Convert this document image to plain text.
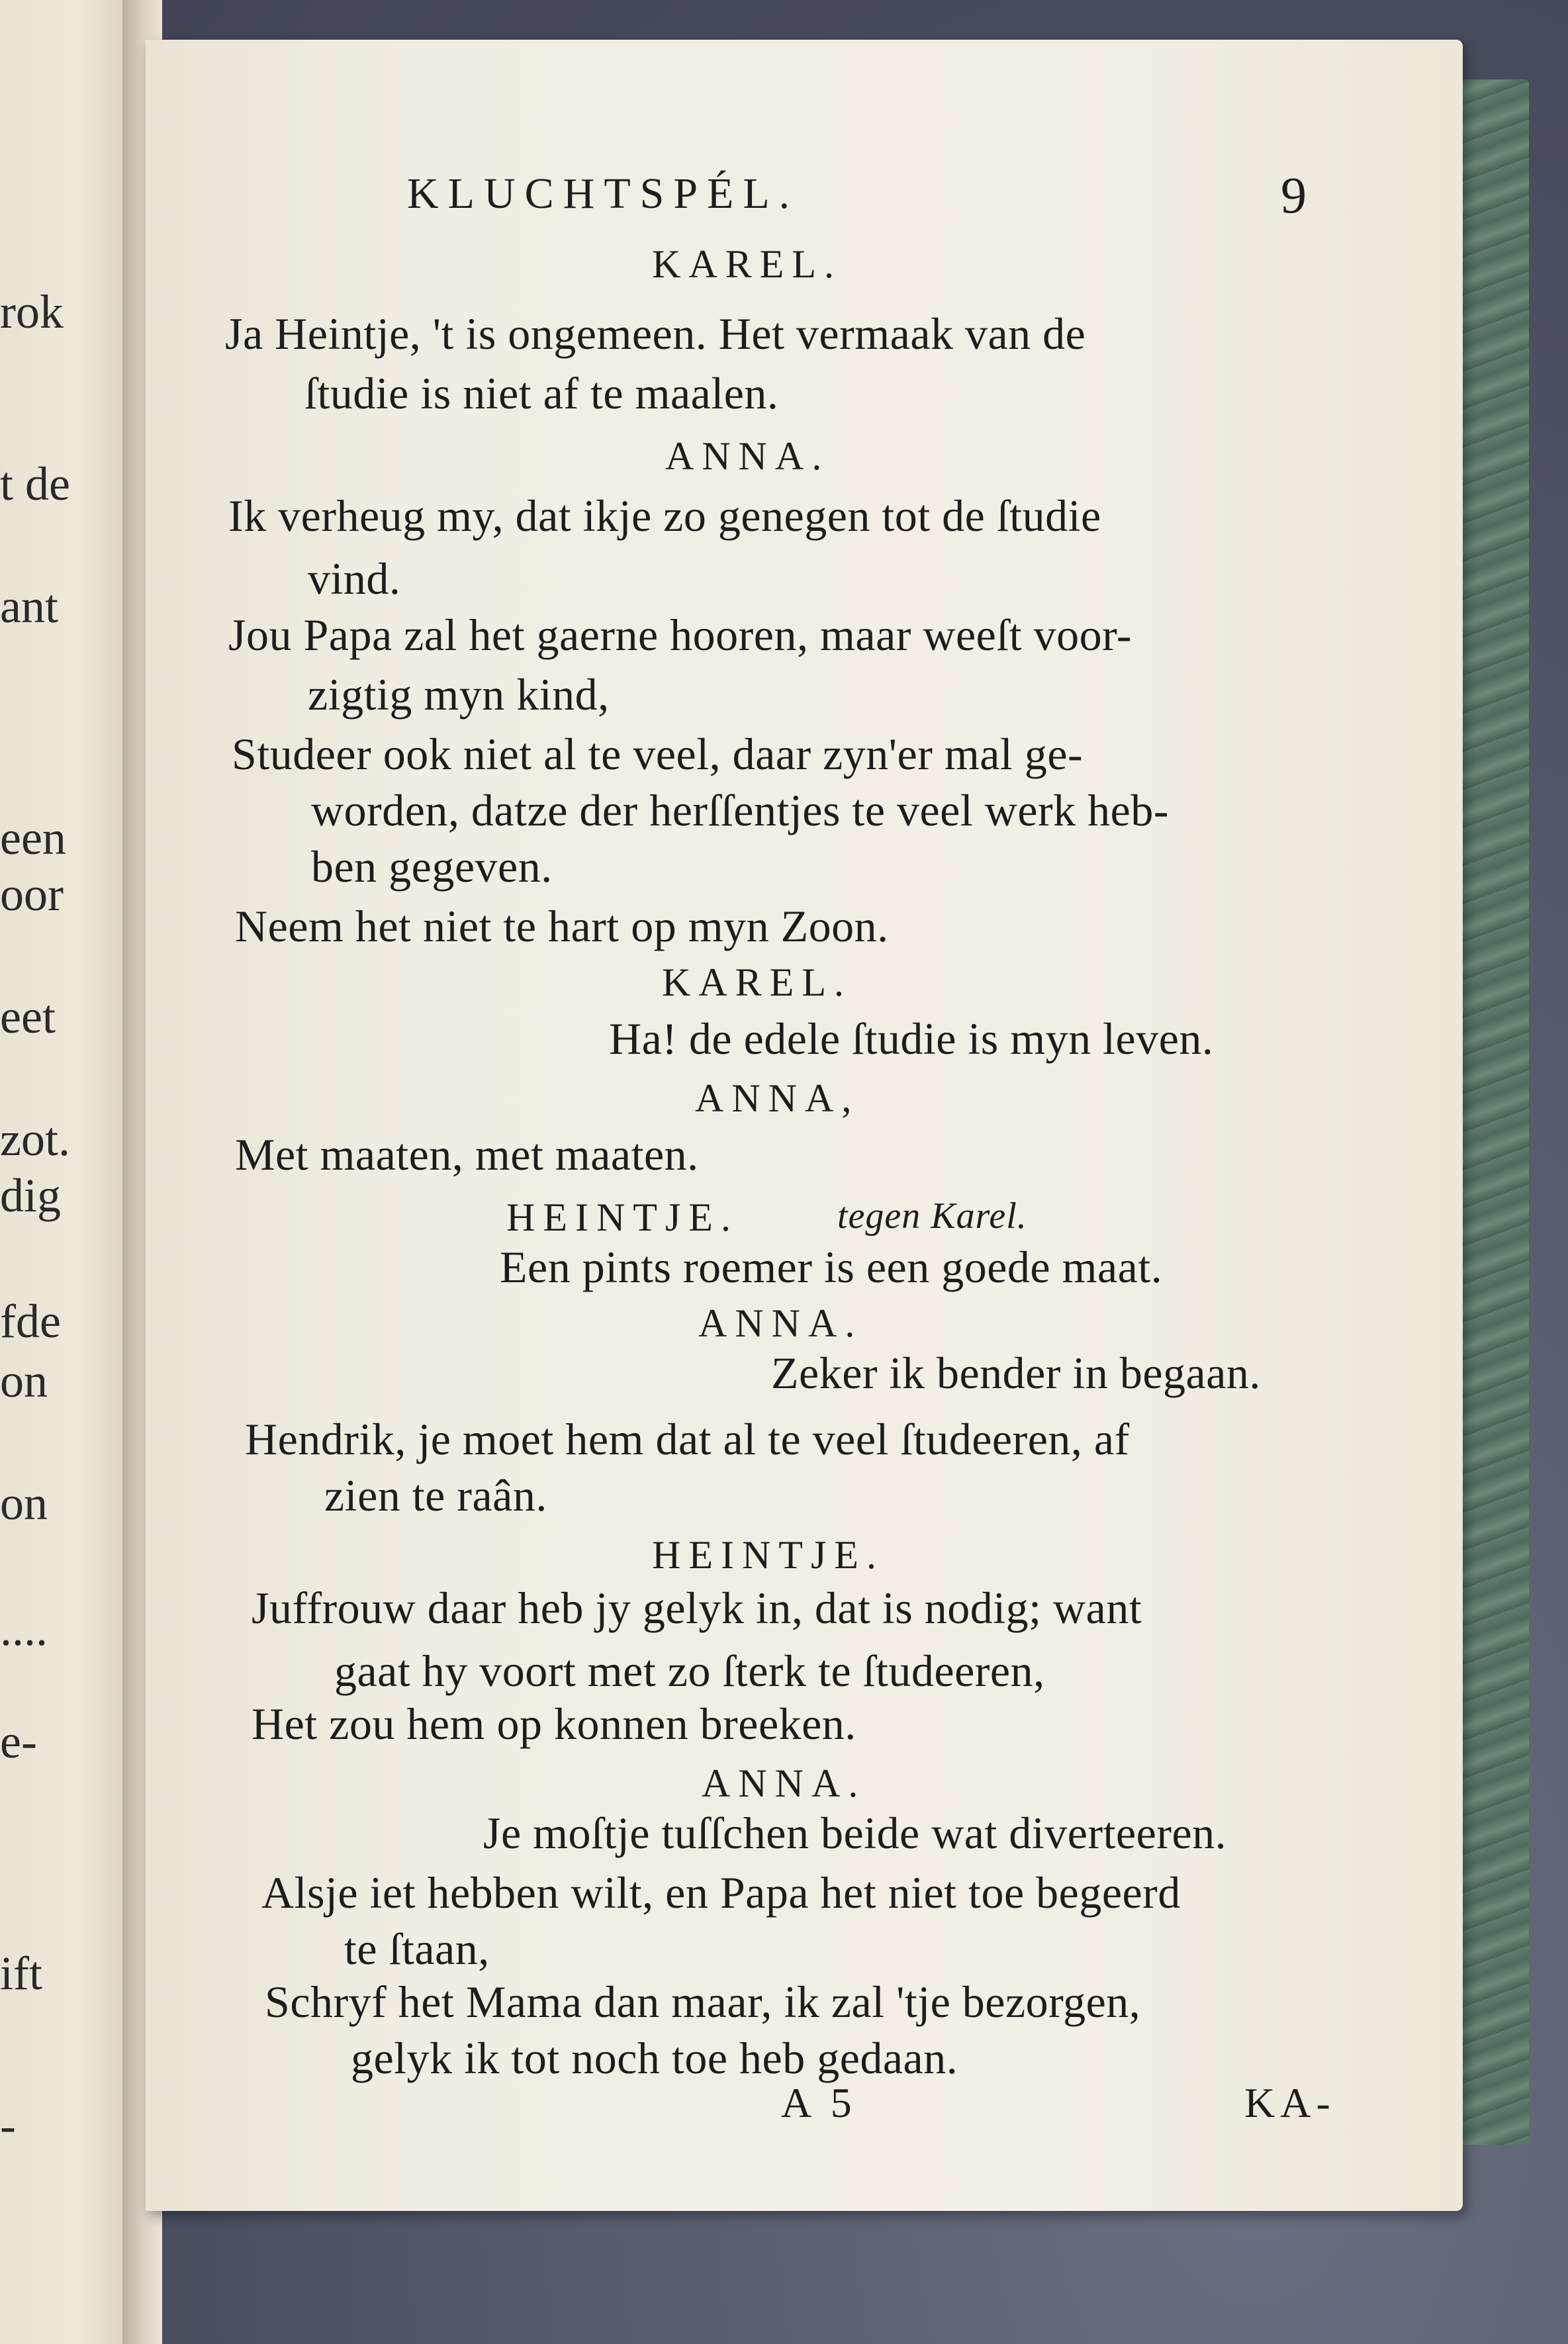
rok
t de
ant
een
oor
eet
zot.
dig
fde
on
on
....
e-
ift
-
KLUCHTSPÉL.	9
KAREL.
Ja Heintje, 't is ongemeen. Het vermaak van de
ſtudie is niet af te maalen.
ANNA.
Ik verheug my, dat ikje zo genegen tot de ſtudie
vind.
Jou Papa zal het gaerne hooren, maar weeſt voor-
zigtig myn kind,
Studeer ook niet al te veel, daar zyn'er mal ge-
worden, datze der herſſentjes te veel werk heb-
ben gegeven.
Neem het niet te hart op myn Zoon.
KAREL.
Ha! de edele ſtudie is myn leven.
ANNA,
Met maaten, met maaten.
HEINTJE.	tegen Karel.
Een pints roemer is een goede maat.
ANNA.
Zeker ik bender in begaan.
Hendrik, je moet hem dat al te veel ſtudeeren, af
zien te raân.
HEINTJE.
Juffrouw daar heb jy gelyk in, dat is nodig; want
gaat hy voort met zo ſterk te ſtudeeren,
Het zou hem op konnen breeken.
ANNA.
Je moſtje tuſſchen beide wat diverteeren.
Alsje iet hebben wilt, en Papa het niet toe begeerd
te ſtaan,
Schryf het Mama dan maar, ik zal 'tje bezorgen,
gelyk ik tot noch toe heb gedaan.
A 5	KA-
